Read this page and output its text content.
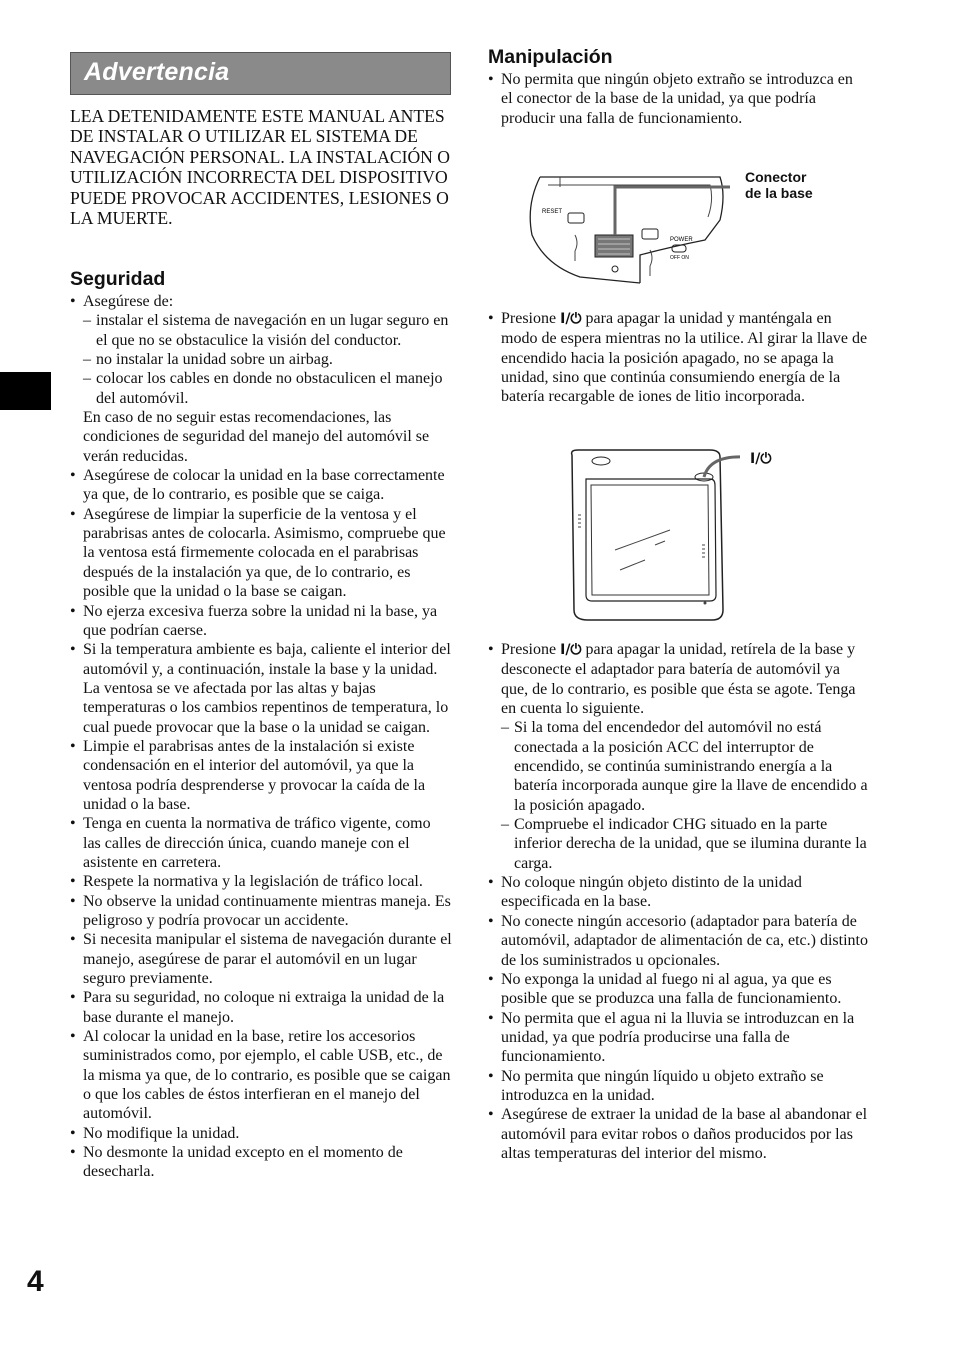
Advertencia

LEA DETENIDAMENTE ESTE MANUAL ANTES DE INSTALAR O UTILIZAR EL SISTEMA DE NAVEGACIÓN PERSONAL. LA INSTALACIÓN O UTILIZACIÓN INCORRECTA DEL DISPOSITIVO PUEDE PROVOCAR ACCIDENTES, LESIONES O LA MUERTE.

Seguridad
• Asegúrese de:
– instalar el sistema de navegación en un lugar seguro en el que no se obstaculice la visión del conductor.
– no instalar la unidad sobre un airbag.
– colocar los cables en donde no obstaculicen el manejo del automóvil.

En caso de no seguir estas recomendaciones, las condiciones de seguridad del manejo del automóvil se verán reducidas.

• Asegúrese de colocar la unidad en la base correctamente ya que, de lo contrario, es posible que se caiga.
• Asegúrese de limpiar la superficie de la ventosa y el parabrisas antes de colocarla. Asimismo, compruebe que la ventosa está firmemente colocada en el parabrisas después de la instalación ya que, de lo contrario, es posible que la unidad o la base se caigan.
• No ejerza excesiva fuerza sobre la unidad ni la base, ya que podrían caerse.
• Si la temperatura ambiente es baja, caliente el interior del automóvil y, a continuación, instale la base y la unidad. La ventosa se ve afectada por las altas y bajas temperaturas o los cambios repentinos de temperatura, lo cual puede provocar que la base o la unidad se caigan.
• Limpie el parabrisas antes de la instalación si existe condensación en el interior del automóvil, ya que la ventosa podría desprenderse y provocar la caída de la unidad o la base.
• Tenga en cuenta la normativa de tráfico vigente, como las calles de dirección única, cuando maneje con el asistente en carretera.
• Respete la normativa y la legislación de tráfico local.
• No observe la unidad continuamente mientras maneja. Es peligroso y podría provocar un accidente.
• Si necesita manipular el sistema de navegación durante el manejo, asegúrese de parar el automóvil en un lugar seguro previamente.
• Para su seguridad, no coloque ni extraiga la unidad de la base durante el manejo.
• Al colocar la unidad en la base, retire los accesorios suministrados como, por ejemplo, el cable USB, etc., de la misma ya que, de lo contrario, es posible que se caigan o que los cables de éstos interfieran en el manejo del automóvil.
• No modifique la unidad.
• No desmonte la unidad excepto en el momento de desecharla.
4
Manipulación
• No permita que ningún objeto extraño se introduzca en el conector de la base de la unidad, ya que podría producir una falla de funcionamiento.
RESET
POWER
OFF ON

Conector
de la base

• Presione I/⏻ para apagar la unidad y manténgala en modo de espera mientras no la utilice. Al girar la llave de encendido hacia la posición apagado, no se apaga la unidad, sino que continúa consumiendo energía de la batería recargable de iones de litio incorporada.
I/⏻
• Presione I/⏻ para apagar la unidad, retírela de la base y desconecte el adaptador para batería de automóvil ya que, de lo contrario, es posible que ésta se agote. Tenga en cuenta lo siguiente.
– Si la toma del encendedor del automóvil no está conectada a la posición ACC del interruptor de encendido, se continúa suministrando energía a la batería incorporada aunque gire la llave de encendido a la posición apagado.
– Compruebe el indicador CHG situado en la parte inferior derecha de la unidad, que se ilumina durante la carga.
• No coloque ningún objeto distinto de la unidad especificada en la base.
• No conecte ningún accesorio (adaptador para batería de automóvil, adaptador de alimentación de ca, etc.) distinto de los suministrados u opcionales.
• No exponga la unidad al fuego ni al agua, ya que es posible que se produzca una falla de funcionamiento.
• No permita que el agua ni la lluvia se introduzcan en la unidad, ya que podría producirse una falla de funcionamiento.
• No permita que ningún líquido u objeto extraño se introduzca en la unidad.
• Asegúrese de extraer la unidad de la base al abandonar el automóvil para evitar robos o daños producidos por las altas temperaturas del interior del mismo.
